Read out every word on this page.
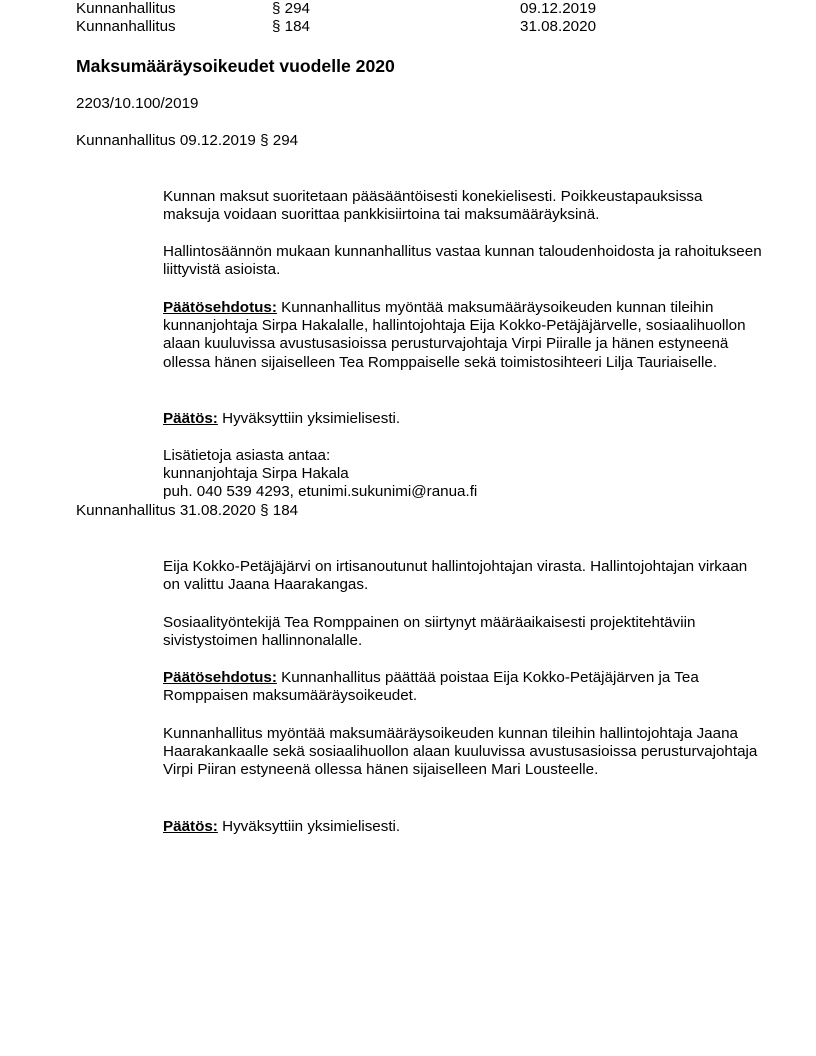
Kunnanhallitus	§ 294	09.12.2019
Kunnanhallitus	§ 184	31.08.2020
Maksumääräysoikeudet vuodelle 2020
2203/10.100/2019
Kunnanhallitus 09.12.2019 § 294

Kunnan maksut suoritetaan pääsääntöisesti konekielisesti. Poikkeustapauksissa maksuja voidaan suorittaa pankkisiirtoina tai maksumääräyksinä.

Hallintosäännön mukaan kunnanhallitus vastaa kunnan taloudenhoidosta ja rahoitukseen liittyvistä asioista.

Päätösehdotus: Kunnanhallitus myöntää maksumääräysoikeuden kunnan tileihin kunnanjohtaja Sirpa Hakalalle, hallintojohtaja Eija Kokko-Petäjäjärvelle, sosiaalihuollon alaan kuuluvissa avustusasioissa perusturvajohtaja Virpi Piiralle ja hänen estyneenä ollessa hänen sijaiselleen Tea Romppaiselle sekä toimistosihteeri Lilja Tauriaiselle.

Päätös: Hyväksyttiin yksimielisesti.

Lisätietoja asiasta antaa:

kunnanjohtaja Sirpa Hakala

puh. 040 539 4293, etunimi.sukunimi@ranua.fi

Kunnanhallitus 31.08.2020 § 184

Eija Kokko-Petäjäjärvi on irtisanoutunut hallintojohtajan virasta. Hallintojohtajan virkaan on valittu Jaana Haarakangas.

Sosiaalityöntekijä Tea Romppainen on siirtynyt määräaikaisesti projektitehtäviin sivistystoimen hallinnonalalle.

Päätösehdotus: Kunnanhallitus päättää poistaa Eija Kokko-Petäjäjärven ja Tea Romppaisen maksumääräysoikeudet.

Kunnanhallitus myöntää maksumääräysoikeuden kunnan tileihin hallintojohtaja Jaana Haarakankaalle sekä sosiaalihuollon alaan kuuluvissa avustusasioissa perusturvajohtaja Virpi Piiran estyneenä ollessa hänen sijaiselleen Mari Lousteelle.

Päätös: Hyväksyttiin yksimielisesti.
